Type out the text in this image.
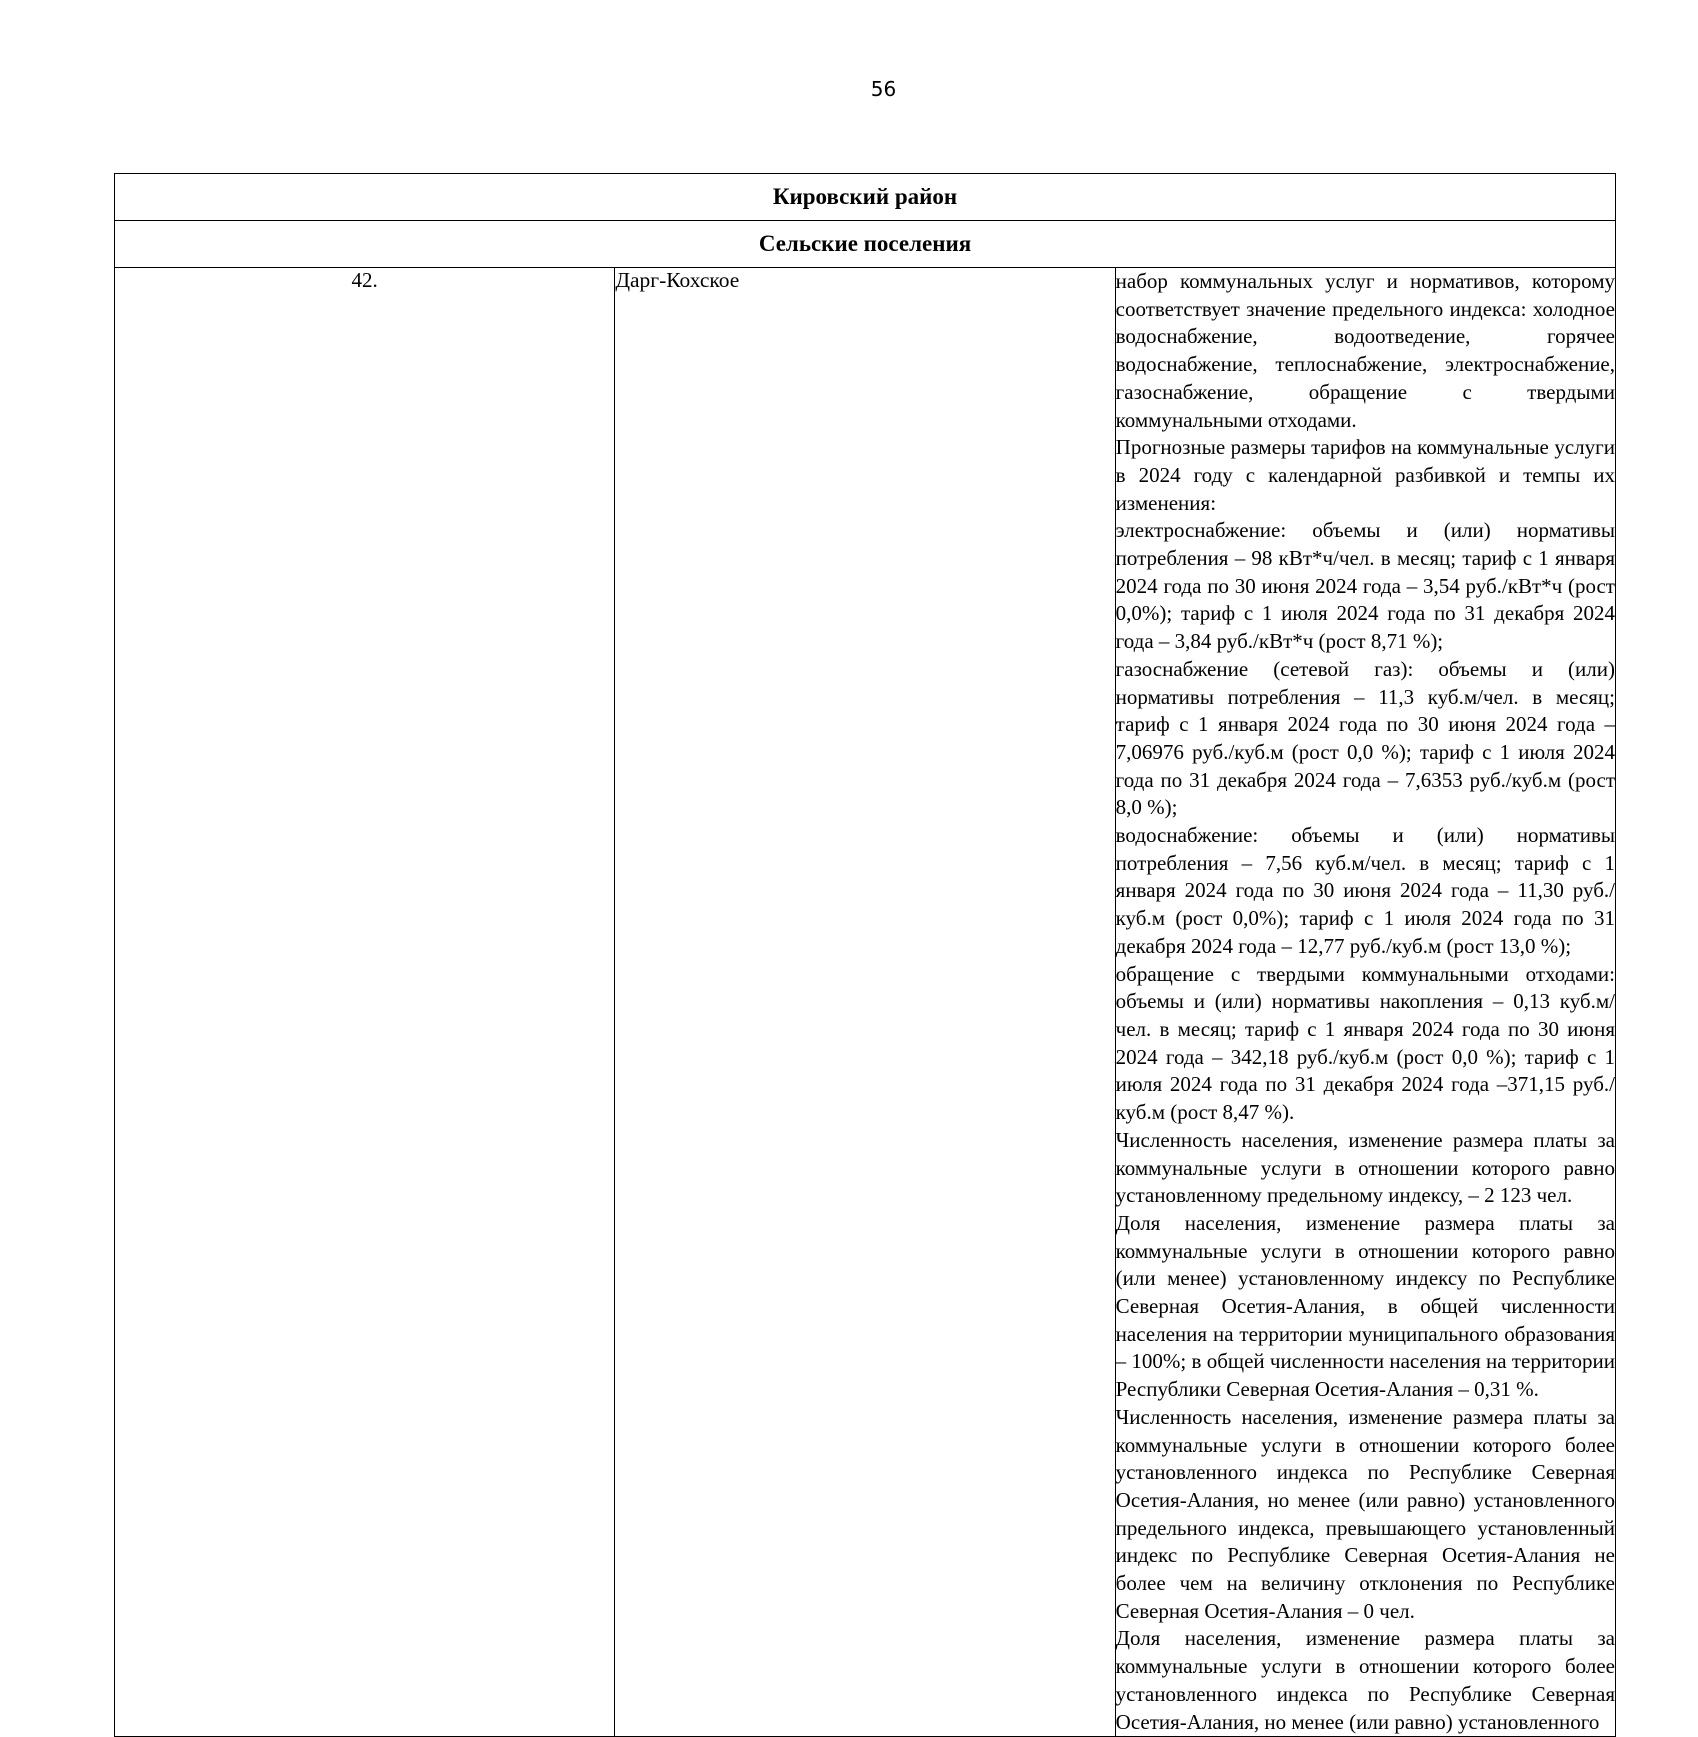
56
Кировский район
Сельские поселения
42.	Дарг-Кохское	набор коммунальных услуг и нормативов, которому соответствует значение предельного индекса: холодное водоснабжение, водоотведение, горячее водоснабжение, теплоснабжение, электроснабжение, газоснабжение, обращение с твердыми коммунальными отходами.

Прогнозные размеры тарифов на коммунальные услуги в 2024 году с календарной разбивкой и темпы их изменения:

электроснабжение: объемы и (или) нормативы потребления – 98 кВт*ч/чел. в месяц; тариф с 1 января 2024 года по 30 июня 2024 года – 3,54 руб./кВт*ч (рост 0,0%); тариф с 1 июля 2024 года по 31 декабря 2024 года – 3,84 руб./кВт*ч (рост 8,71 %);

газоснабжение (сетевой газ): объемы и (или) нормативы потребления – 11,3 куб.м/чел. в месяц; тариф с 1 января 2024 года по 30 июня 2024 года – 7,06976 руб./куб.м (рост 0,0 %); тариф с 1 июля 2024 года по 31 декабря 2024 года – 7,6353 руб./куб.м (рост 8,0 %);

водоснабжение: объемы и (или) нормативы потребления – 7,56 куб.м/чел. в месяц; тариф с 1 января 2024 года по 30 июня 2024 года – 11,30 руб./куб.м (рост 0,0%); тариф с 1 июля 2024 года по 31 декабря 2024 года – 12,77 руб./куб.м (рост 13,0 %);

обращение с твердыми коммунальными отходами: объемы и (или) нормативы накопления – 0,13 куб.м/чел. в месяц; тариф с 1 января 2024 года по 30 июня 2024 года – 342,18 руб./куб.м (рост 0,0 %); тариф с 1 июля 2024 года по 31 декабря 2024 года –371,15 руб./куб.м (рост 8,47 %).

Численность населения, изменение размера платы за коммунальные услуги в отношении которого равно установленному предельному индексу, – 2 123 чел.

Доля населения, изменение размера платы за коммунальные услуги в отношении которого равно (или менее) установленному индексу по Республике Северная Осетия-Алания, в общей численности населения на территории муниципального образования – 100%; в общей численности населения на территории Республики Северная Осетия-Алания – 0,31 %.

Численность населения, изменение размера платы за коммунальные услуги в отношении которого более установленного индекса по Республике Северная Осетия-Алания, но менее (или равно) установленного предельного индекса, превышающего установленный индекс по Республике Северная Осетия-Алания не более чем на величину отклонения по Республике Северная Осетия-Алания – 0 чел.

Доля населения, изменение размера платы за коммунальные услуги в отношении которого более установленного индекса по Республике Северная Осетия-Алания, но менее (или равно) установленного
